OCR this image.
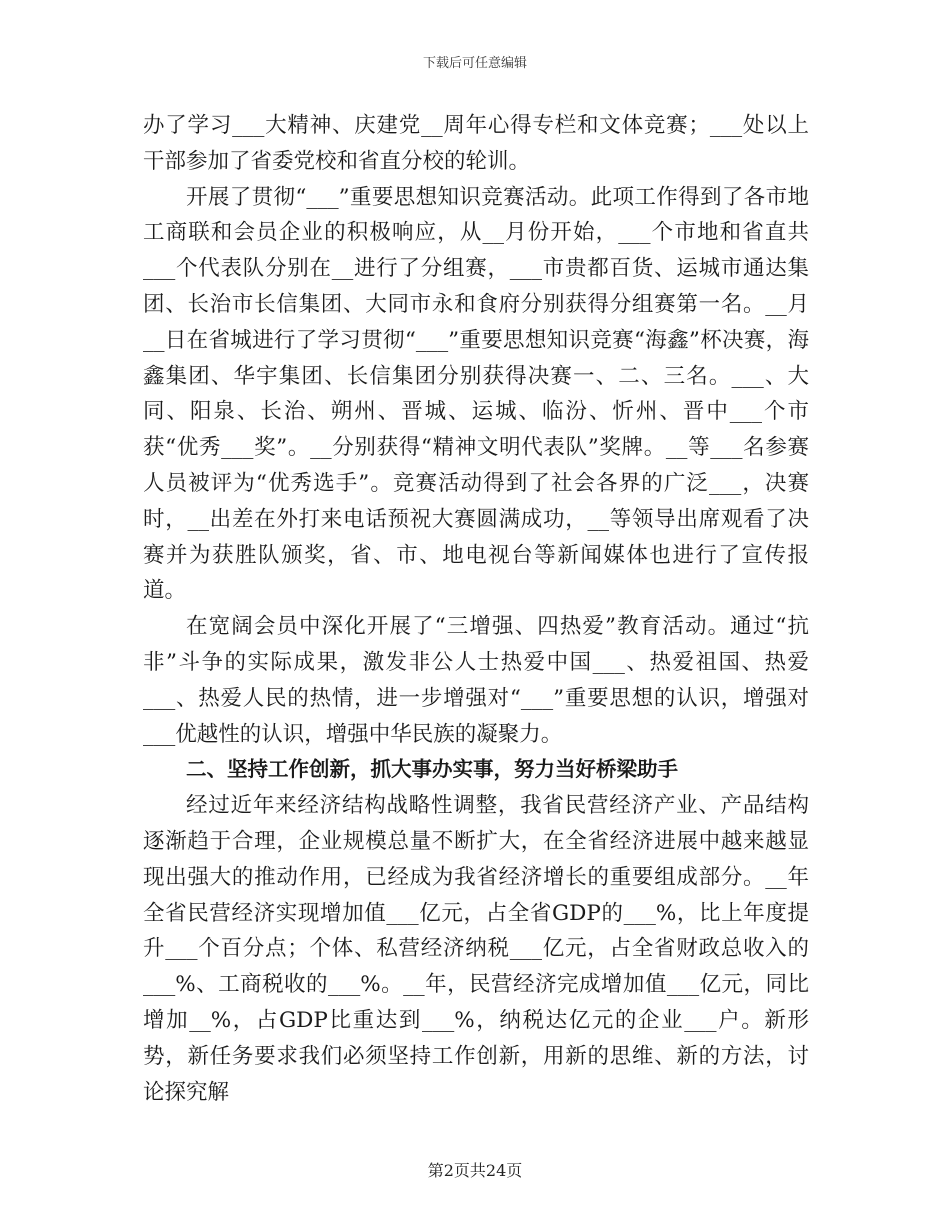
下载后可任意编辑

办了学习___大精神、庆建党__周年心得专栏和文体竞赛；___处以上干部参加了省委党校和省直分校的轮训。

开展了贯彻“___”重要思想知识竞赛活动。此项工作得到了各市地工商联和会员企业的积极响应，从__月份开始，___个市地和省直共___个代表队分别在__进行了分组赛，___市贵都百货、运城市通达集团、长治市长信集团、大同市永和食府分别获得分组赛第一名。__月__日在省城进行了学习贯彻“___”重要思想知识竞赛“海鑫”杯决赛，海鑫集团、华宇集团、长信集团分别获得决赛一、二、三名。___、大同、阳泉、长治、朔州、晋城、运城、临汾、忻州、晋中___个市获“优秀___奖”。__分别获得“精神文明代表队”奖牌。__等___名参赛人员被评为“优秀选手”。竞赛活动得到了社会各界的广泛___，决赛时，__出差在外打来电话预祝大赛圆满成功，__等领导出席观看了决赛并为获胜队颁奖，省、市、地电视台等新闻媒体也进行了宣传报道。

在宽阔会员中深化开展了“三增强、四热爱”教育活动。通过“抗非”斗争的实际成果，激发非公人士热爱中国___、热爱祖国、热爱___、热爱人民的热情，进一步增强对“___”重要思想的认识，增强对___优越性的认识，增强中华民族的凝聚力。

二、坚持工作创新，抓大事办实事，努力当好桥梁助手

经过近年来经济结构战略性调整，我省民营经济产业、产品结构逐渐趋于合理，企业规模总量不断扩大，在全省经济进展中越来越显现出强大的推动作用，已经成为我省经济增长的重要组成部分。__年全省民营经济实现增加值___亿元，占全省GDP的___%，比上年度提升___个百分点；个体、私营经济纳税___亿元，占全省财政总收入的___%、工商税收的___%。__年，民营经济完成增加值___亿元，同比增加__%，占GDP比重达到___%，纳税达亿元的企业___户。新形势，新任务要求我们必须坚持工作创新，用新的思维、新的方法，讨论探究解

第2页共24页
